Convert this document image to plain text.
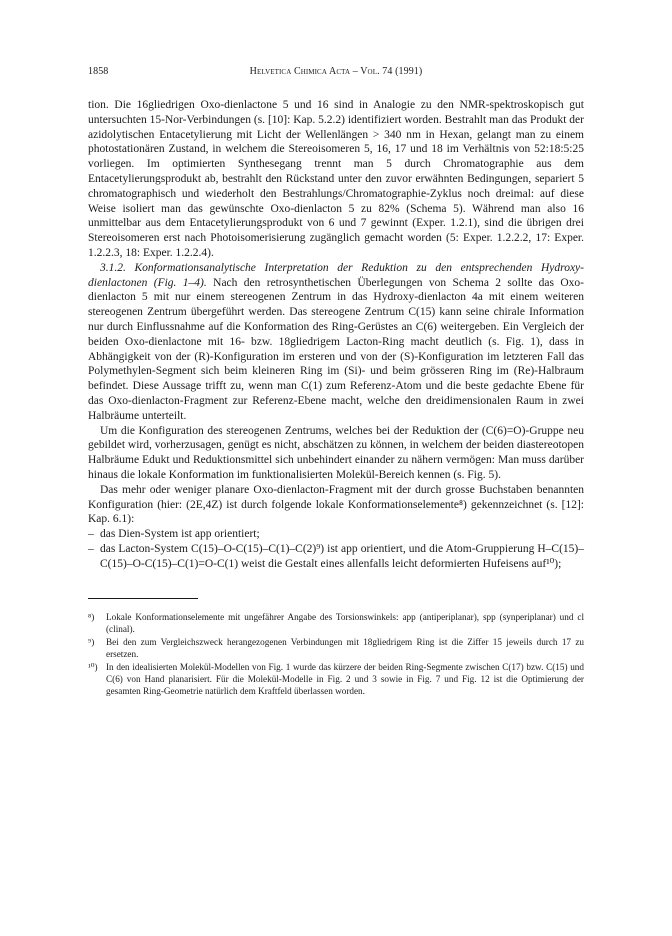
1858	Helvetica Chimica Acta – Vol. 74 (1991)

tion. Die 16gliedrigen Oxo-dienlactone 5 und 16 sind in Analogie zu den NMR-spektroskopisch gut untersuchten 15-Nor-Verbindungen (s. [10]: Kap. 5.2.2) identifiziert worden. Bestrahlt man das Produkt der azidolytischen Entacetylierung mit Licht der Wellenlängen > 340 nm in Hexan, gelangt man zu einem photostationären Zustand, in welchem die Stereoisomeren 5, 16, 17 und 18 im Verhältnis von 52:18:5:25 vorliegen. Im optimierten Synthesegang trennt man 5 durch Chromatographie aus dem Entacetylierungsprodukt ab, bestrahlt den Rückstand unter den zuvor erwähnten Bedingungen, separiert 5 chromatographisch und wiederholt den Bestrahlungs/Chromatographie-Zyklus noch dreimal: auf diese Weise isoliert man das gewünschte Oxo-dienlacton 5 zu 82% (Schema 5). Während man also 16 unmittelbar aus dem Entacetylierungsprodukt von 6 und 7 gewinnt (Exper. 1.2.1), sind die übrigen drei Stereoisomeren erst nach Photoisomerisierung zugänglich gemacht worden (5: Exper. 1.2.2.2, 17: Exper. 1.2.2.3, 18: Exper. 1.2.2.4).

3.1.2. Konformationsanalytische Interpretation der Reduktion zu den entsprechenden Hydroxy-dienlactonen (Fig. 1–4). Nach den retrosynthetischen Überlegungen von Schema 2 sollte das Oxo-dienlacton 5 mit nur einem stereogenen Zentrum in das Hydroxy-dienlacton 4a mit einem weiteren stereogenen Zentrum übergeführt werden. Das stereogene Zentrum C(15) kann seine chirale Information nur durch Einflussnahme auf die Konformation des Ring-Gerüstes an C(6) weitergeben. Ein Vergleich der beiden Oxo-dienlactone mit 16- bzw. 18gliedrigem Lacton-Ring macht deutlich (s. Fig. 1), dass in Abhängigkeit von der (R)-Konfiguration im ersteren und von der (S)-Konfiguration im letzteren Fall das Polymethylen-Segment sich beim kleineren Ring im (Si)- und beim grösseren Ring im (Re)-Halbraum befindet. Diese Aussage trifft zu, wenn man C(1) zum Referenz-Atom und die beste gedachte Ebene für das Oxo-dienlacton-Fragment zur Referenz-Ebene macht, welche den dreidimensionalen Raum in zwei Halbräume unterteilt.

Um die Konfiguration des stereogenen Zentrums, welches bei der Reduktion der (C(6)=O)-Gruppe neu gebildet wird, vorherzusagen, genügt es nicht, abschätzen zu können, in welchem der beiden diastereotopen Halbräume Edukt und Reduktionsmittel sich unbehindert einander zu nähern vermögen: Man muss darüber hinaus die lokale Konformation im funktionalisierten Molekül-Bereich kennen (s. Fig. 5).

Das mehr oder weniger planare Oxo-dienlacton-Fragment mit der durch grosse Buchstaben benannten Konfiguration (hier: (2E,4Z) ist durch folgende lokale Konformationselemente⁸) gekennzeichnet (s. [12]: Kap. 6.1):

– das Dien-System ist app orientiert;
– das Lacton-System C(15)–O-C(15)–C(1)–C(2)⁹) ist app orientiert, und die Atom-Gruppierung H–C(15)–C(15)–O-C(15)–C(1)=O-C(1) weist die Gestalt eines allenfalls leicht deformierten Hufeisens auf¹⁰);
⁸)	Lokale Konformationselemente mit ungefährer Angabe des Torsionswinkels: app (antiperiplanar), spp (synperiplanar) und cl (clinal).
⁹)	Bei den zum Vergleichszweck herangezogenen Verbindungen mit 18gliedrigem Ring ist die Ziffer 15 jeweils durch 17 zu ersetzen.
¹⁰) In den idealisierten Molekül-Modellen von Fig. 1 wurde das kürzere der beiden Ring-Segmente zwischen C(17) bzw. C(15) und C(6) von Hand planarisiert. Für die Molekül-Modelle in Fig. 2 und 3 sowie in Fig. 7 und Fig. 12 ist die Optimierung der gesamten Ring-Geometrie natürlich dem Kraftfeld überlassen worden.
